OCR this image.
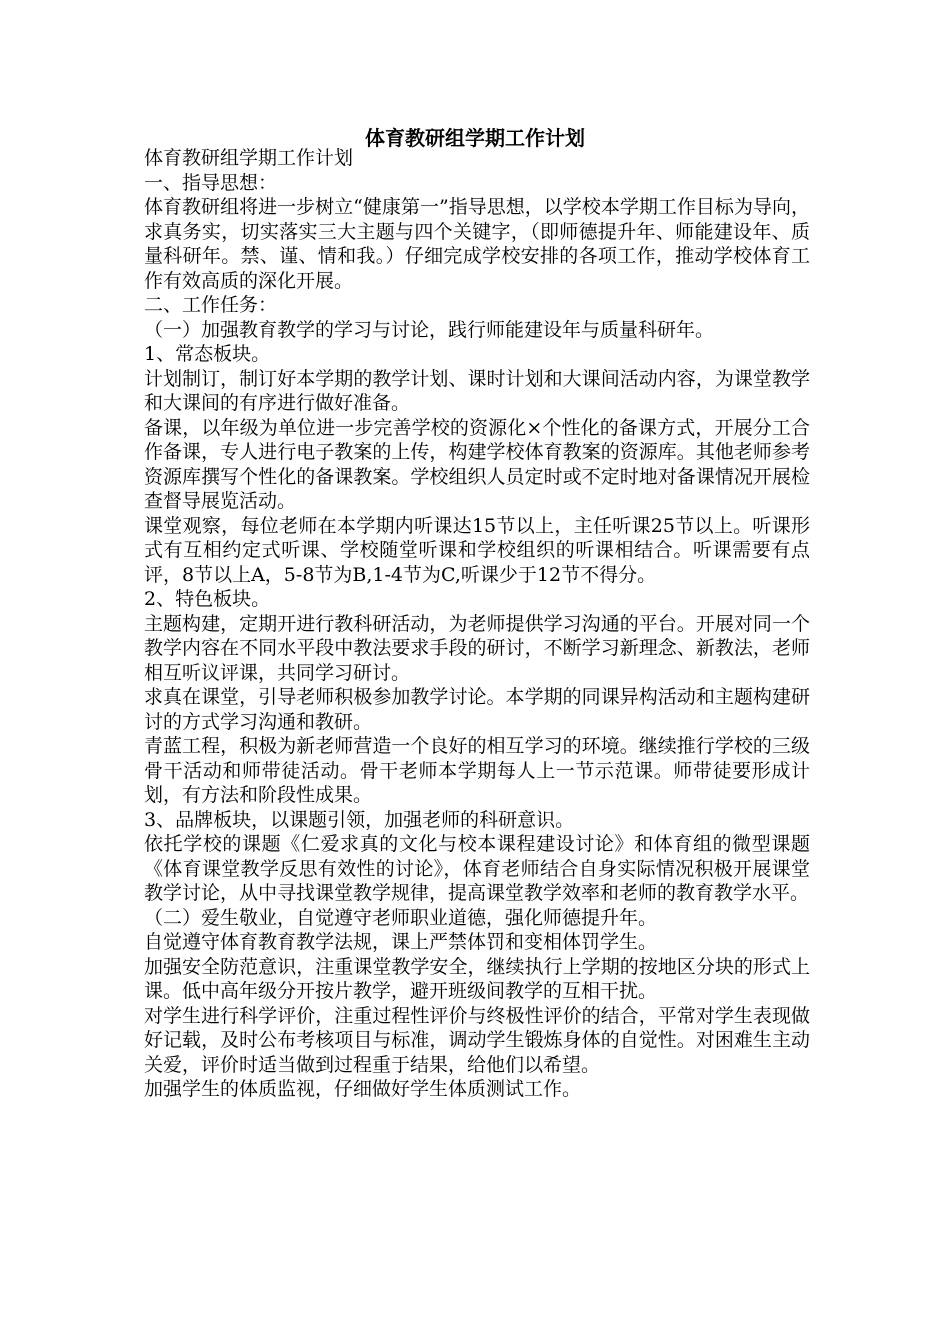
体育教研组学期工作计划

体育教研组学期工作计划

一、指导思想：

体育教研组将进一步树立“健康第一”指导思想，以学校本学期工作目标为导向，求真务实，切实落实三大主题与四个关键字，（即师德提升年、师能建设年、质量科研年。禁、谨、情和我。）仔细完成学校安排的各项工作，推动学校体育工作有效高质的深化开展。

二、工作任务：

（一）加强教育教学的学习与讨论，践行师能建设年与质量科研年。

1、常态板块。

计划制订，制订好本学期的教学计划、课时计划和大课间活动内容，为课堂教学和大课间的有序进行做好准备。

备课，以年级为单位进一步完善学校的资源化×个性化的备课方式，开展分工合作备课，专人进行电子教案的上传，构建学校体育教案的资源库。其他老师参考资源库撰写个性化的备课教案。学校组织人员定时或不定时地对备课情况开展检查督导展览活动。

课堂观察，每位老师在本学期内听课达15节以上，主任听课25节以上。听课形式有互相约定式听课、学校随堂听课和学校组织的听课相结合。听课需要有点评，8节以上A，5-8节为B,1-4节为C,听课少于12节不得分。

2、特色板块。

主题构建，定期开进行教科研活动，为老师提供学习沟通的平台。开展对同一个教学内容在不同水平段中教法要求手段的研讨，不断学习新理念、新教法，老师相互听议评课，共同学习研讨。

求真在课堂，引导老师积极参加教学讨论。本学期的同课异构活动和主题构建研讨的方式学习沟通和教研。

青蓝工程，积极为新老师营造一个良好的相互学习的环境。继续推行学校的三级骨干活动和师带徒活动。骨干老师本学期每人上一节示范课。师带徒要形成计划，有方法和阶段性成果。

3、品牌板块，以课题引领，加强老师的科研意识。

依托学校的课题《仁爱求真的文化与校本课程建设讨论》和体育组的微型课题《体育课堂教学反思有效性的讨论》，体育老师结合自身实际情况积极开展课堂教学讨论，从中寻找课堂教学规律，提高课堂教学效率和老师的教育教学水平。

（二）爱生敬业，自觉遵守老师职业道德，强化师德提升年。

自觉遵守体育教育教学法规，课上严禁体罚和变相体罚学生。

加强安全防范意识，注重课堂教学安全，继续执行上学期的按地区分块的形式上课。低中高年级分开按片教学，避开班级间教学的互相干扰。

对学生进行科学评价，注重过程性评价与终极性评价的结合，平常对学生表现做好记载，及时公布考核项目与标准，调动学生锻炼身体的自觉性。对困难生主动关爱，评价时适当做到过程重于结果，给他们以希望。

加强学生的体质监视，仔细做好学生体质测试工作。
